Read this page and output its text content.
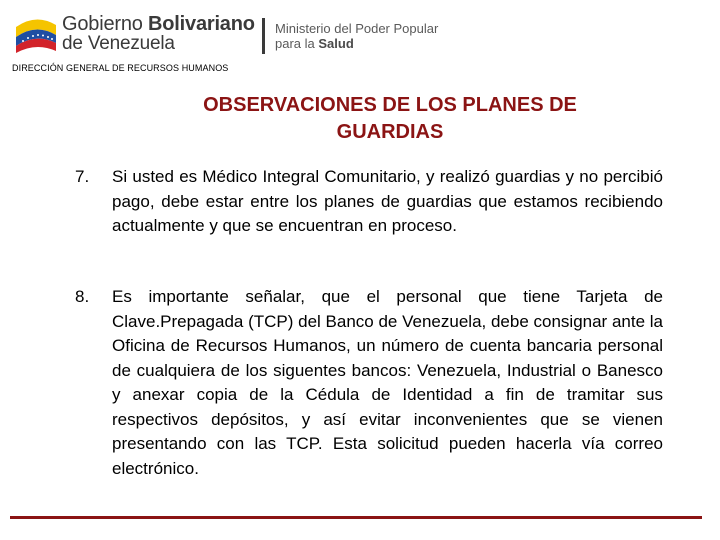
Gobierno Bolivariano
de Venezuela
Ministerio del Poder Popular
para la Salud
DIRECCIÓN GENERAL DE RECURSOS HUMANOS
OBSERVACIONES DE LOS PLANES DE
GUARDIAS
7.	Si usted es Médico Integral Comunitario, y realizó guardias y no percibió pago, debe estar entre los planes de guardias que estamos recibiendo actualmente y que se encuentran en proceso.
8.	Es importante señalar, que el personal que tiene Tarjeta de Clave.Prepagada (TCP) del Banco de Venezuela, debe consignar ante la Oficina de Recursos Humanos, un número de cuenta bancaria personal de cualquiera de los siguentes bancos: Venezuela, Industrial o Banesco y anexar copia de la Cédula de Identidad a fin de tramitar sus respectivos depósitos, y así evitar inconvenientes que se vienen presentando con las TCP. Esta solicitud pueden hacerla vía correo electrónico.
